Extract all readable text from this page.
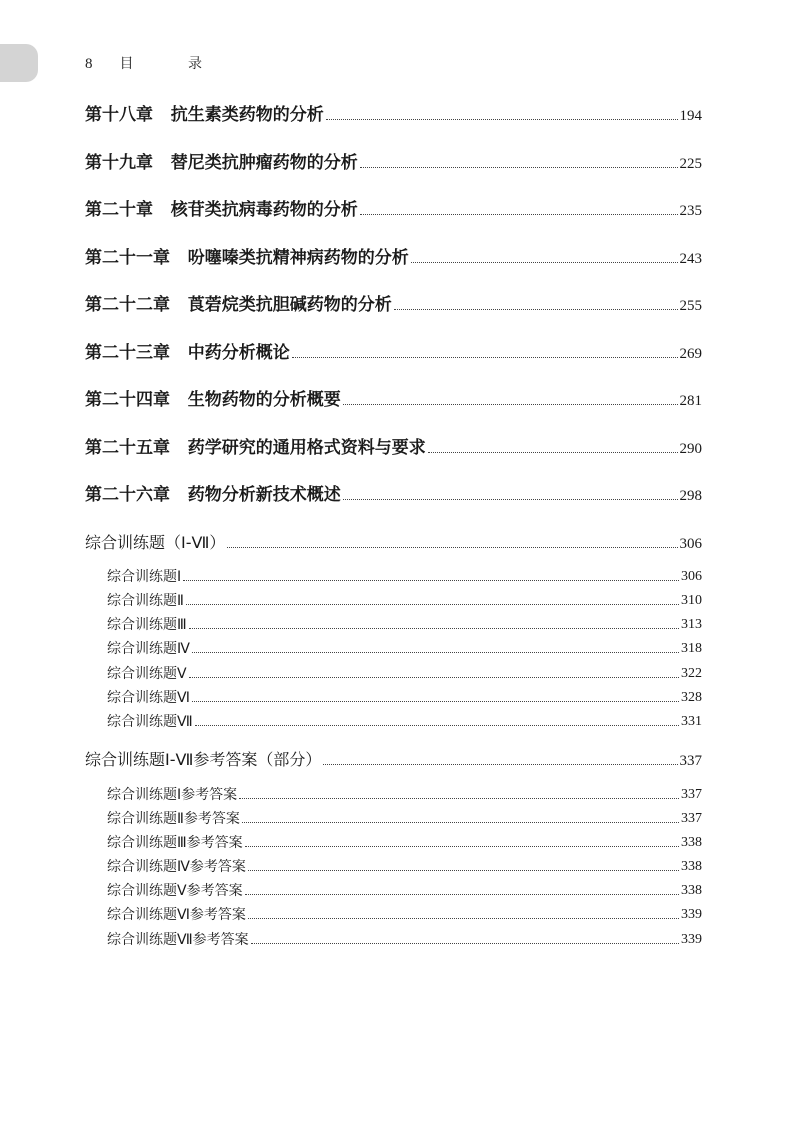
8 目 录
第十八章   抗生素类药物的分析	194
第十九章   替尼类抗肿瘤药物的分析	225
第二十章   核苷类抗病毒药物的分析	235
第二十一章   吩噻嗪类抗精神病药物的分析	243
第二十二章   莨菪烷类抗胆碱药物的分析	255
第二十三章   中药分析概论	269
第二十四章   生物药物的分析概要	281
第二十五章   药学研究的通用格式资料与要求	290
第二十六章   药物分析新技术概述	298
综合训练题（Ⅰ-Ⅶ）	306
综合训练题Ⅰ	306
综合训练题Ⅱ	310
综合训练题Ⅲ	313
综合训练题Ⅳ	318
综合训练题Ⅴ	322
综合训练题Ⅵ	328
综合训练题Ⅶ	331
综合训练题Ⅰ-Ⅶ参考答案（部分）	337
综合训练题Ⅰ参考答案	337
综合训练题Ⅱ参考答案	337
综合训练题Ⅲ参考答案	338
综合训练题Ⅳ参考答案	338
综合训练题Ⅴ参考答案	338
综合训练题Ⅵ参考答案	339
综合训练题Ⅶ参考答案	339
